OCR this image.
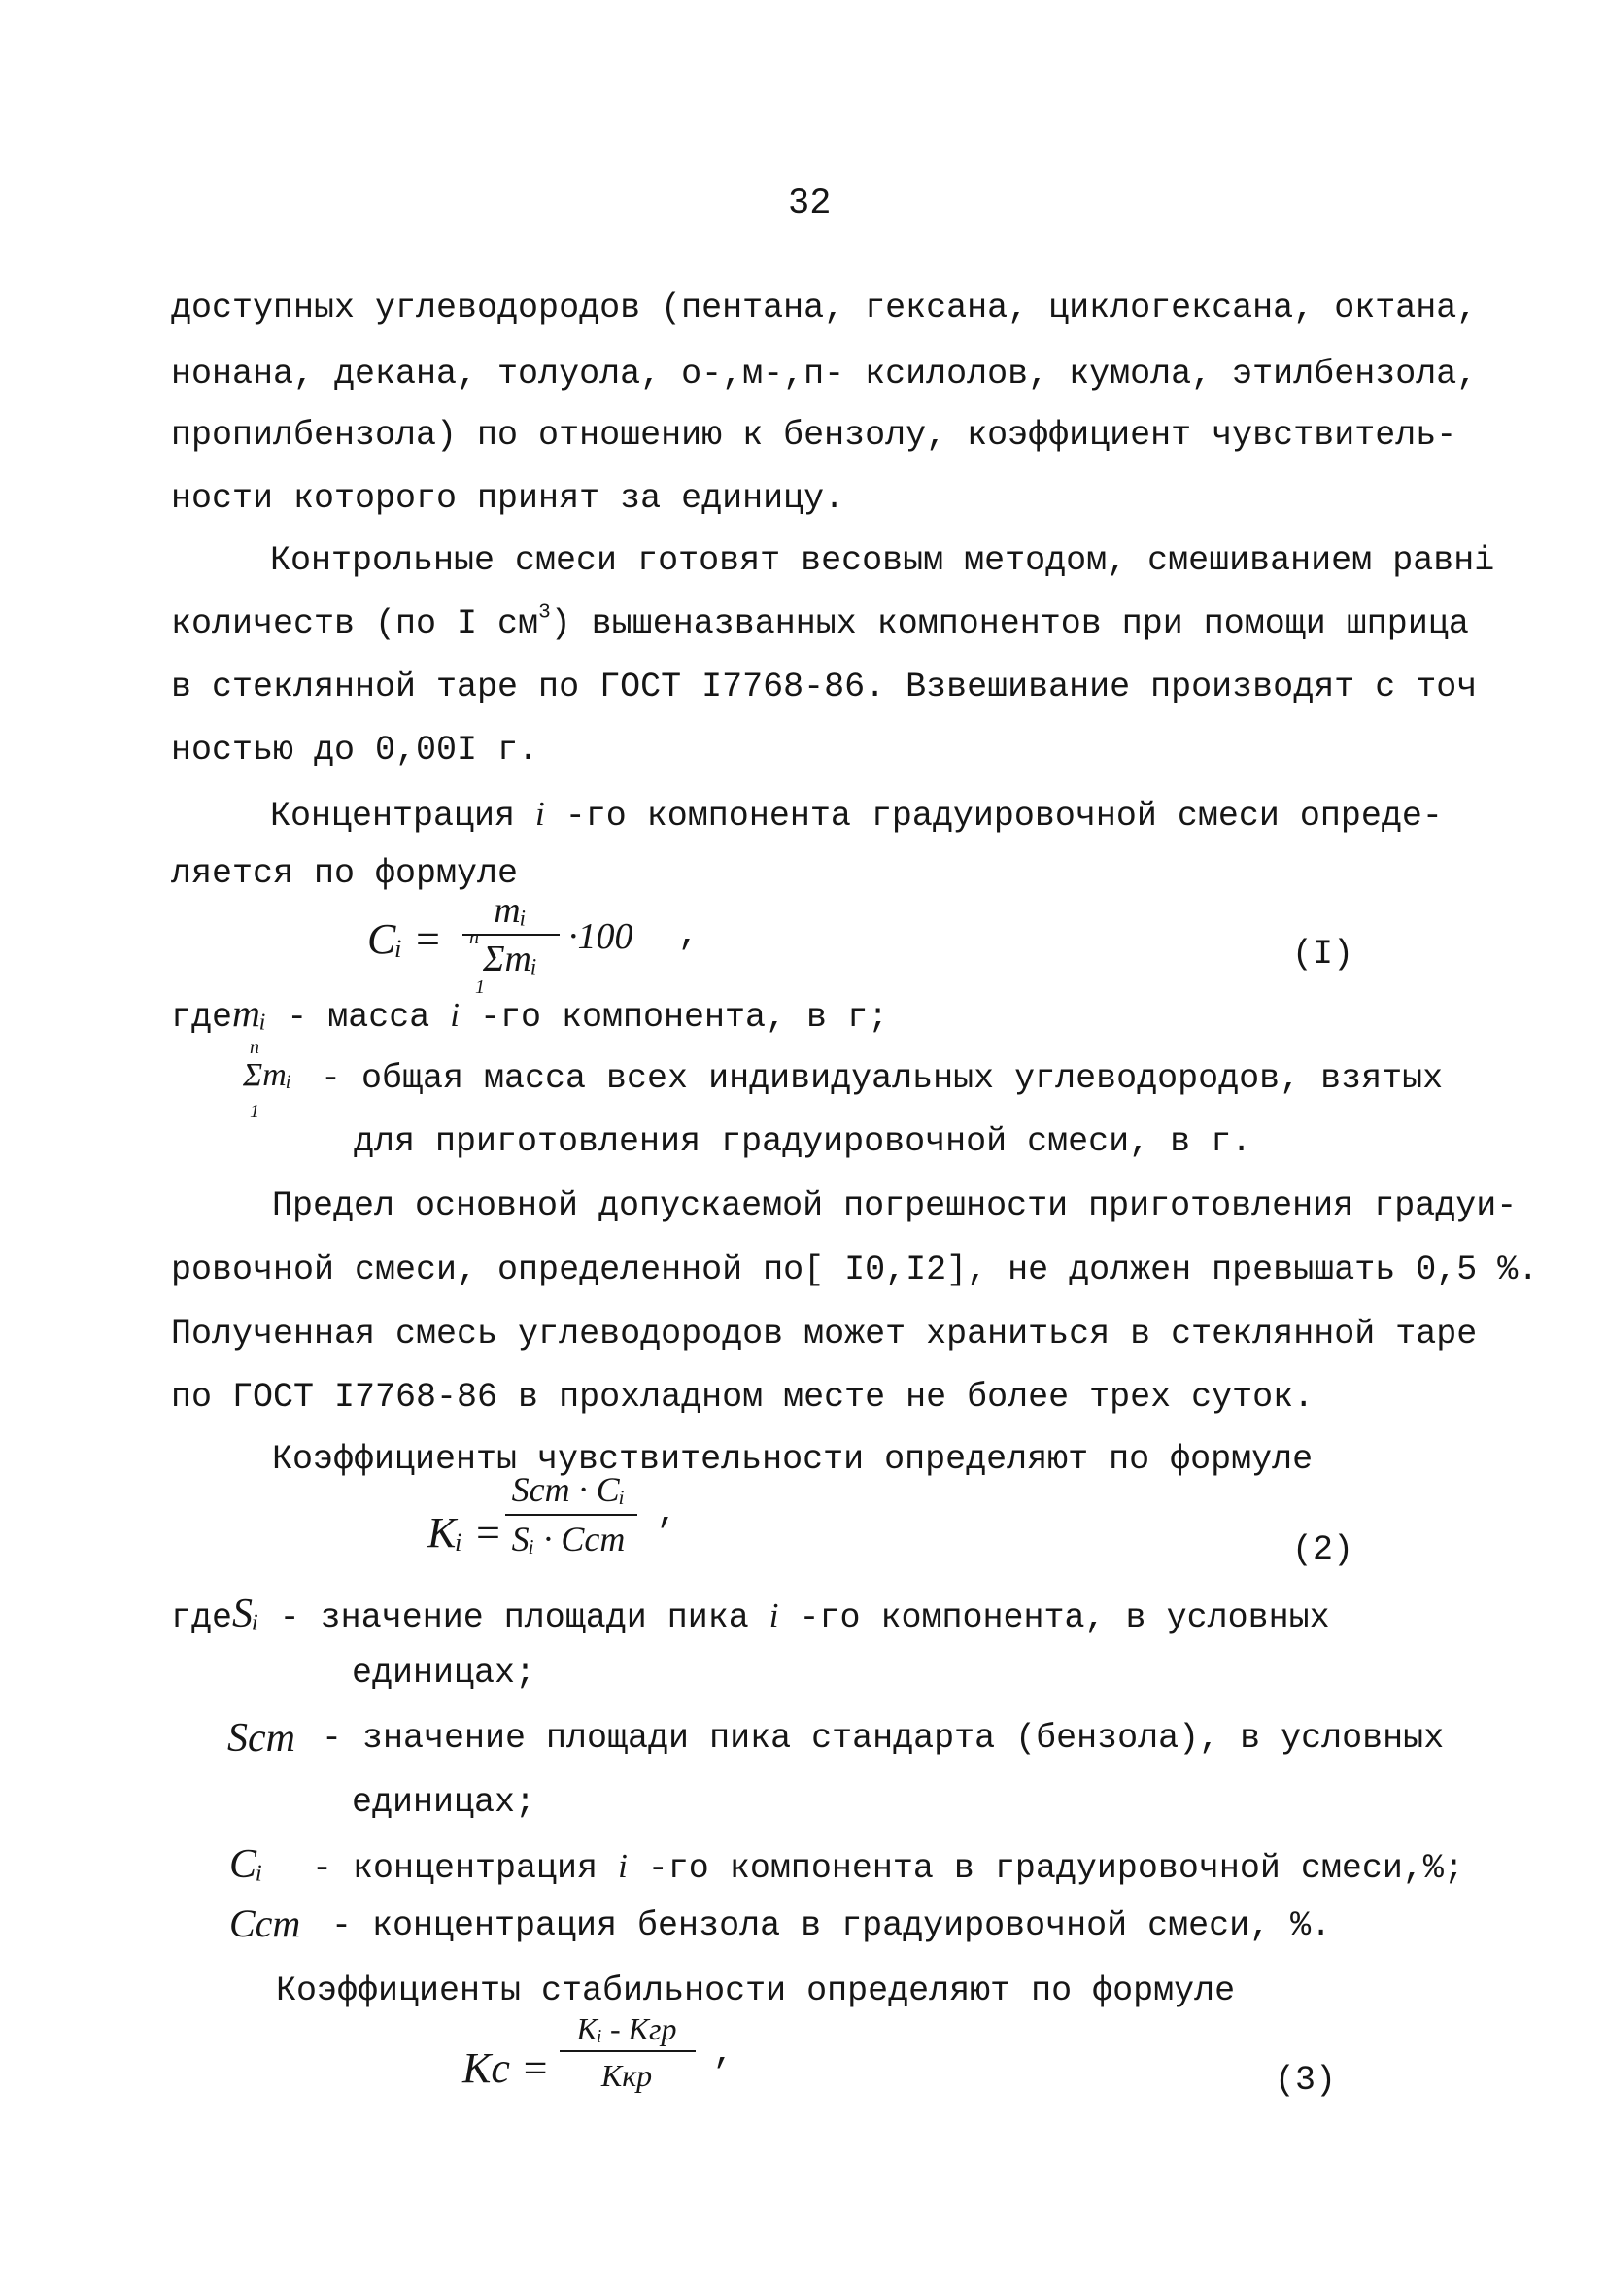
32
доступных углеводородов (пентана, гексана, циклогексана, октана,
нонана, декана, толуола, о-,м-,п- ксилолов, кумола, этилбензола,
пропилбензола) по отношению к бензолу, коэффициент чувствитель-
ности которого принят за единицу.
Контрольные смеси готовят весовым методом, смешиванием равнi
количеств (по I $см^3$) вышеназванных компонентов при помощи шприца
в стеклянной таре по ГОСТ I7768-86. Взвешивание производят с точ
ностью до 0,00I г.
Концентрация i -го компонента градуировочной смеси опреде-
ляется по формуле
Cᵢ =
mᵢ
n
Σmᵢ
1
·100 ,	(I)
гдеmᵢ - масса i -го компонента, в г;
n
Σmᵢ
1
- общая масса всех индивидуальных углеводородов, взятых
для приготовления градуировочной смеси, в г.
Предел основной допускаемой погрешности приготовления градуи-
ровочной смеси, определенной по[ I0,I2], не должен превышать 0,5 %.
Полученная смесь углеводородов может храниться в стеклянной таре
по ГОСТ I7768-86 в прохладном месте не более трех суток.
Коэффициенты чувствительности определяют по формуле
Kᵢ =
Sст · Cᵢ
Sᵢ · Cст
,
(2)
гдеSᵢ - значение площади пика i -го компонента, в условных
единицах;
Sст - значение площади пика стандарта (бензола), в условных
единицах;
Cᵢ - концентрация i -го компонента в градуировочной смеси,%;
Cст - концентрация бензола в градуировочной смеси, %.
Коэффициенты стабильности определяют по формуле
Kс =
Kᵢ - Kгр
Kкр
,
(3)
